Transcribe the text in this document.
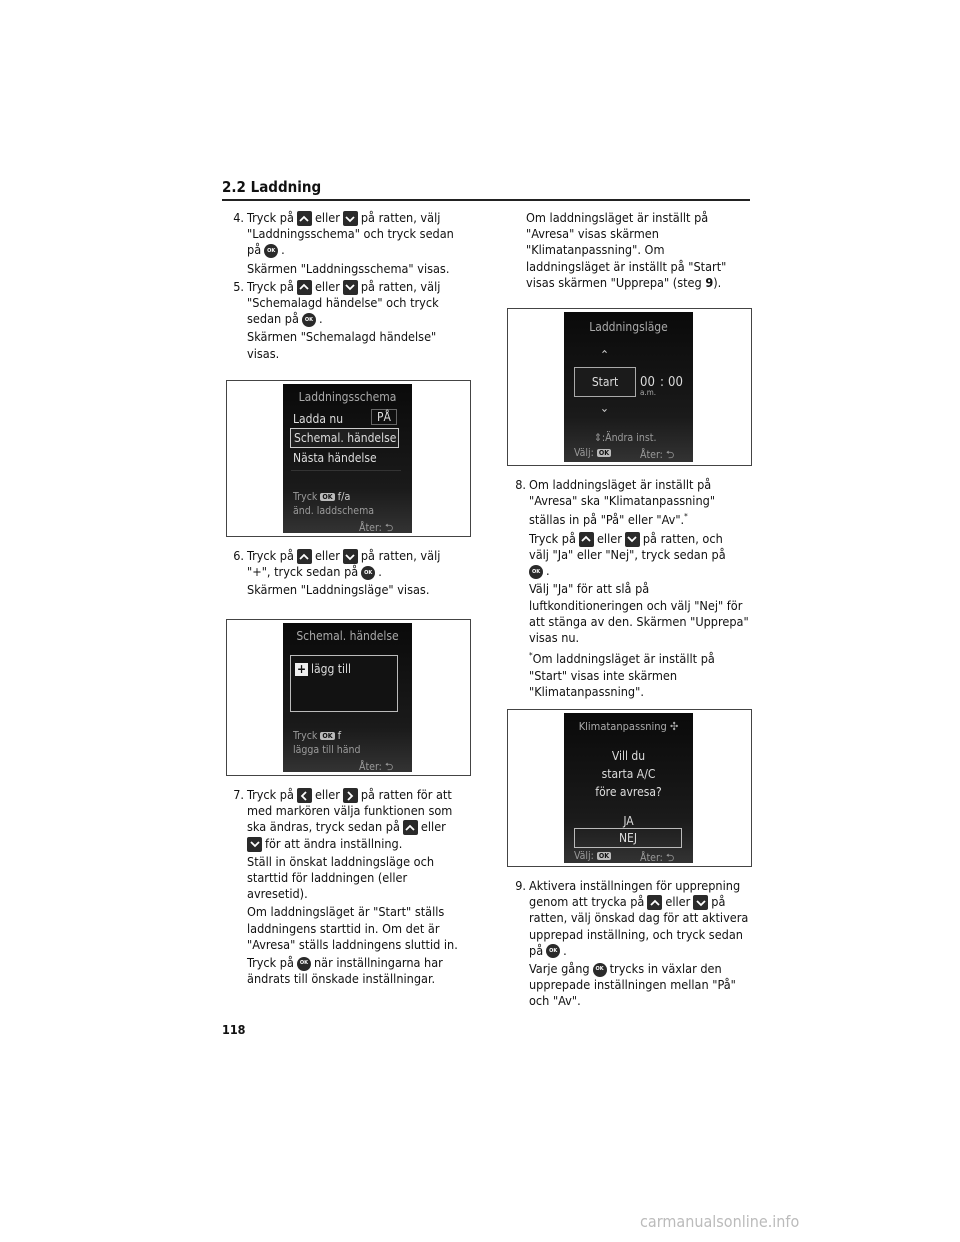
2.2 Laddning
4. Tryck på eller på ratten, välj
"Laddningsschema" och tryck sedan
på OK .

Skärmen "Laddningsschema" visas.

5. Tryck på eller på ratten, välj
"Schemalagd händelse" och tryck
sedan på OK .

Skärmen "Schemalagd händelse"
visas.

Laddningsschema
Ladda nu	PÅ
Schemal. händelse
Nästa händelse
Tryck OK f/a
änd. laddschema
Åter: ⮌
6. Tryck på eller på ratten, välj
"+", tryck sedan på OK .

Skärmen "Laddningsläge" visas.

Schemal. händelse
+ lägg till
Tryck OK f
lägga till händ
Åter: ⮌
7. Tryck på eller på ratten för att
med markören välja funktionen som
ska ändras, tryck sedan på eller

för att ändra inställning.

Ställ in önskat laddningsläge och
starttid för laddningen (eller
avresetid).

Om laddningsläget är "Start" ställs
laddningens starttid in. Om det är
"Avresa" ställs laddningens sluttid in.

Tryck på OK när inställningarna har
ändrats till önskade inställningar.

Om laddningsläget är inställt på
"Avresa" visas skärmen
"Klimatanpassning". Om
laddningsläget är inställt på "Start"
visas skärmen "Upprepa" (steg 9).

Laddningsläge
⌃
Start	00 : 00
a.m.
⌃
⇕:Ändra inst.
Välj: OK	Åter: ⮌
8. Om laddningsläget är inställt på
"Avresa" ska "Klimatanpassning"
ställas in på "På" eller "Av".*

Tryck på eller på ratten, och
välj "Ja" eller "Nej", tryck sedan på
OK .

Välj "Ja" för att slå på
luftkonditioneringen och välj "Nej" för
att stänga av den. Skärmen "Upprepa"
visas nu.

*Om laddningsläget är inställt på
"Start" visas inte skärmen
"Klimatanpassning".

Klimatanpassning ✣
Vill du
starta A/C
före avresa?
JA
NEJ
Välj: OK	Åter: ⮌
9. Aktivera inställningen för upprepning
genom att trycka på eller på
ratten, välj önskad dag för att aktivera
upprepad inställning, och tryck sedan
på OK .

Varje gång OK trycks in växlar den
upprepade inställningen mellan "På"
och "Av".

118
carmanualsonline.info
